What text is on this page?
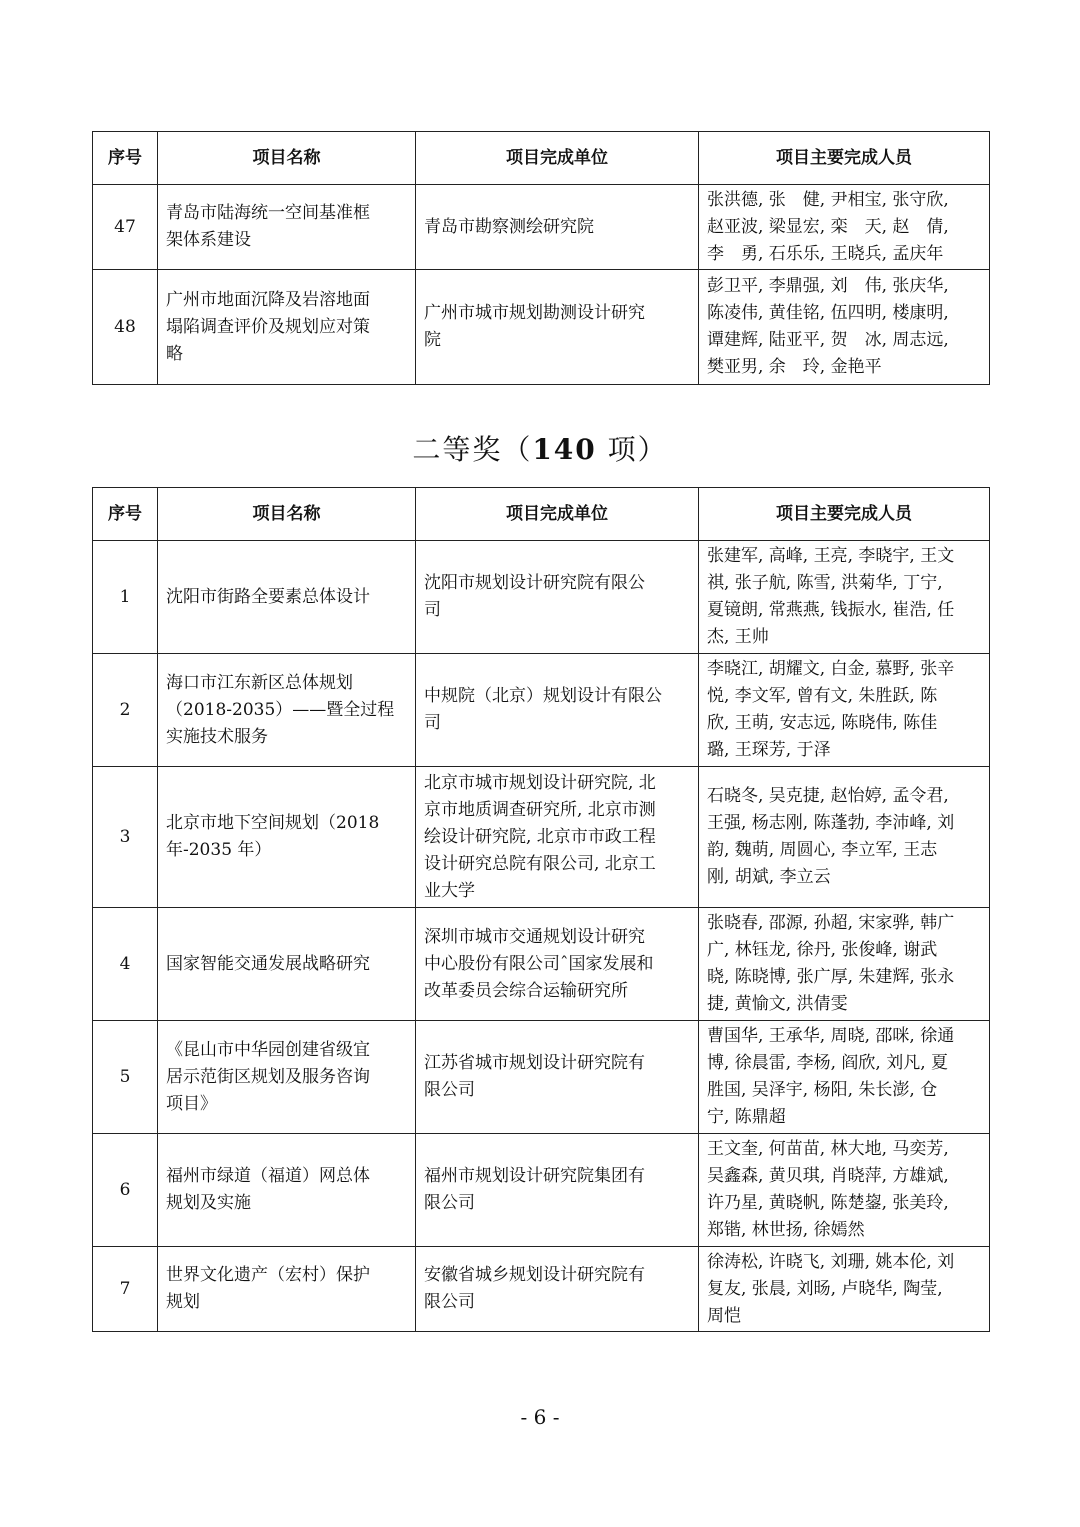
序号	项目名称	项目完成单位	项目主要完成人员
47	青岛市陆海统一空间基准框
架体系建设	青岛市勘察测绘研究院	张洪德, 张　健, 尹相宝, 张守欣,
赵亚波, 梁显宏, 栾　天, 赵　倩,
李　勇, 石乐乐, 王晓兵, 孟庆年
48	广州市地面沉降及岩溶地面
塌陷调查评价及规划应对策
略	广州市城市规划勘测设计研究
院	彭卫平, 李鼎强, 刘　伟, 张庆华,
陈凌伟, 黄佳铭, 伍四明, 楼康明,
谭建辉, 陆亚平, 贺　冰, 周志远,
樊亚男, 余　玲, 金艳平
二等奖（140 项）
序号	项目名称	项目完成单位	项目主要完成人员
1	沈阳市街路全要素总体设计	沈阳市规划设计研究院有限公
司	张建军, 高峰, 王亮, 李晓宇, 王文
祺, 张子航, 陈雪, 洪菊华, 丁宁,
夏镜朗, 常燕燕, 钱振水, 崔浩, 任
杰, 王帅
2	海口市江东新区总体规划
（2018-2035）——暨全过程
实施技术服务	中规院（北京）规划设计有限公
司	李晓江, 胡耀文, 白金, 慕野, 张辛
悦, 李文军, 曾有文, 朱胜跃, 陈
欣, 王萌, 安志远, 陈晓伟, 陈佳
璐, 王琛芳, 于泽
3	北京市地下空间规划（2018
年-2035 年）	北京市城市规划设计研究院, 北
京市地质调查研究所, 北京市测
绘设计研究院, 北京市市政工程
设计研究总院有限公司, 北京工
业大学	石晓冬, 吴克捷, 赵怡婷, 孟令君,
王强, 杨志刚, 陈蓬勃, 李沛峰, 刘
韵, 魏萌, 周圆心, 李立军, 王志
刚, 胡斌, 李立云
4	国家智能交通发展战略研究	深圳市城市交通规划设计研究
中心股份有限公司ˆ国家发展和
改革委员会综合运输研究所	张晓春, 邵源, 孙超, 宋家骅, 韩广
广, 林钰龙, 徐丹, 张俊峰, 谢武
晓, 陈晓博, 张广厚, 朱建辉, 张永
捷, 黄愉文, 洪倩雯
5	《昆山市中华园创建省级宜
居示范街区规划及服务咨询
项目》	江苏省城市规划设计研究院有
限公司	曹国华, 王承华, 周晓, 邵咪, 徐通
博, 徐晨雷, 李杨, 阎欣, 刘凡, 夏
胜国, 吴泽宇, 杨阳, 朱长澎, 仓
宁, 陈鼎超
6	福州市绿道（福道）网总体
规划及实施	福州市规划设计研究院集团有
限公司	王文奎, 何苗苗, 林大地, 马奕芳,
吴鑫森, 黄贝琪, 肖晓萍, 方雄斌,
许乃星, 黄晓帆, 陈楚鋆, 张美玲,
郑锴, 林世扬, 徐嫣然
7	世界文化遗产（宏村）保护
规划	安徽省城乡规划设计研究院有
限公司	徐涛松, 许晓飞, 刘珊, 姚本伦, 刘
复友, 张晨, 刘旸, 卢晓华, 陶莹,
周恺
- 6 -
